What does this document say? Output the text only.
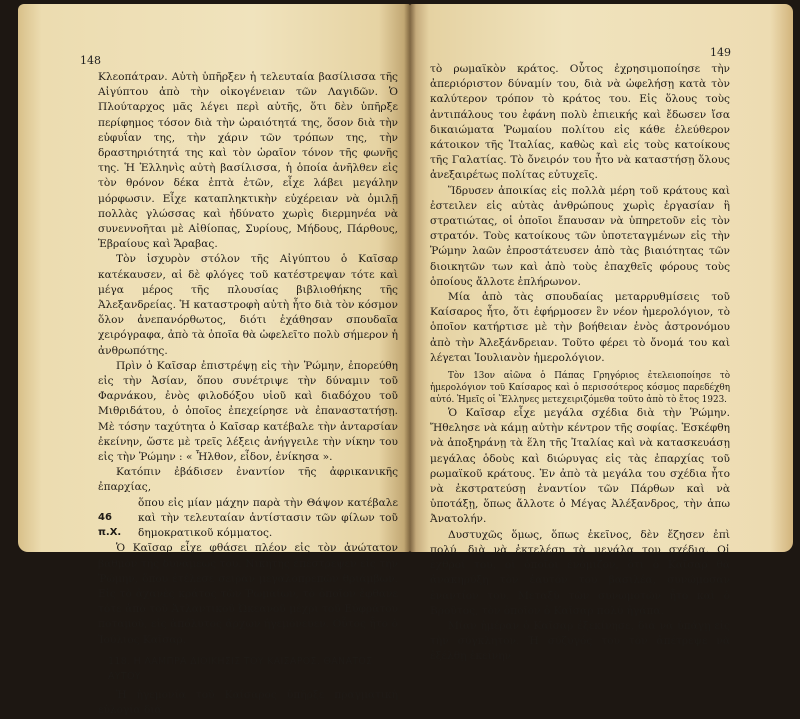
148

Κλεοπάτραν. Αὐτὴ ὑπῆρξεν ἡ τελευταία βασίλισσα τῆς Αἰγύπτου ἀπὸ τὴν οἰκογένειαν τῶν Λαγιδῶν. Ὁ Πλούταρχος μᾶς λέγει περὶ αὐτῆς, ὅτι δὲν ὑπῆρξε περίφημος τόσον διὰ τὴν ὡραιότητά της, ὅσον διὰ τὴν εὐφυΐαν της, τὴν χάριν τῶν τρόπων της, τὴν δραστηριότητά της καὶ τὸν ὡραῖον τόνον τῆς φωνῆς της. Ἡ Ἑλληνὶς αὐτὴ βασίλισσα, ἡ ὁποία ἀνῆλθεν εἰς τὸν θρόνον δέκα ἑπτὰ ἐτῶν, εἶχε λάβει μεγάλην μόρφωσιν. Εἶχε καταπληκτικὴν εὐχέρειαν νὰ ὁμιλῇ πολλὰς γλώσσας καὶ ἠδύνατο χωρὶς διερμηνέα νὰ συνεννοῆται μὲ Αἰθίοπας, Συρίους, Μήδους, Πάρθους, Ἑβραίους καὶ Ἄραβας.

Τὸν ἰσχυρὸν στόλον τῆς Αἰγύπτου ὁ Καῖσαρ κατέκαυσεν, αἱ δὲ φλόγες τοῦ κατέστρεψαν τότε καὶ μέγα μέρος τῆς πλουσίας βιβλιοθήκης τῆς Ἀλεξανδρείας. Ἡ καταστροφὴ αὐτὴ ἦτο διὰ τὸν κόσμον ὅλον ἀνεπανόρθωτος, διότι ἐχάθησαν σπουδαῖα χειρόγραφα, ἀπὸ τὰ ὁποῖα θὰ ὠφελεῖτο πολὺ σήμερον ἡ ἀνθρωπότης.

Πρὶν ὁ Καῖσαρ ἐπιστρέψῃ εἰς τὴν Ῥώμην, ἐπορεύθη εἰς τὴν Ἀσίαν, ὅπου συνέτριψε τὴν δύναμιν τοῦ Φαρνάκου, ἐνὸς φιλοδόξου υἱοῦ καὶ διαδόχου τοῦ Μιθριδάτου, ὁ ὁποῖος ἐπεχείρησε νὰ ἐπαναστατήσῃ. Μὲ τόσην ταχύτητα ὁ Καῖσαρ κατέβαλε τὴν ἀνταρσίαν ἐκείνην, ὥστε μὲ τρεῖς λέξεις ἀνήγγειλε τὴν νίκην του εἰς τὴν Ῥώμην : « Ἦλθον, εἶδον, ἐνίκησα ».

Κατόπιν ἐβάδισεν ἐναντίον τῆς ἀφρικανικῆς ἐπαρχίας,

46 π.Χ.

ὅπου εἰς μίαν μάχην παρὰ τὴν Θάψον κατέβαλε καὶ τὴν τελευταίαν ἀντίστασιν τῶν φίλων τοῦ δημοκρατικοῦ κόμματος.

Ὁ Καῖσαρ εἶχε φθάσει πλέον εἰς τὸν ἀνώτατον βαθμὸν τῆς δυνάμεώς του. Νικητὴς ἐπέστρεψεν εἰς τὴν Ῥώμην, ὅπου ἐτέλεσε σειρὰν μεγαλοπρεπῶν θριάμβων. Εἰς τὸ ἀχανὲς κράτος τῶν Ῥωμαίων, τὸ ὁποῖον ἔφθανε τότε ἀπὸ τοῦ Ἀτλαντικοῦ Ὠκεανοῦ μέχρι τοῦ Εὐφράτου ποταμοῦ, εἰς ἀπόλυτος ἄρχων ἡγεμόνευεν. Οὗτος ἦτο ὁ Ἰούλιος Καῖσαρ.

118. Η ΛΑΜΠΡΑ ΔΙΟΙΚΗΣΙΣ ΤΟΥ ΚΑΙΣΑΡΟΣ. ΘΑΝΑΤΟΣ ΑΥΤΟΥ

Ἡ ἡγεμονία τοῦ Καίσαρος ὑπῆρξε πραγματικὴ εὐλογία διὰ

149

τὸ ρωμαϊκὸν κράτος. Οὗτος ἐχρησιμοποίησε τὴν ἀπεριόριστον δύναμίν του, διὰ νὰ ὠφελήσῃ κατὰ τὸν καλύτερον τρόπον τὸ κράτος του. Εἰς ὅλους τοὺς ἀντιπάλους του ἐφάνη πολὺ ἐπιεικής καὶ ἔδωσεν ἴσα δικαιώματα Ῥωμαίου πολίτου εἰς κάθε ἐλεύθερον κάτοικον τῆς Ἰταλίας, καθὼς καὶ εἰς τοὺς κατοίκους τῆς Γαλατίας. Τὸ ὄνειρόν του ἦτο νὰ καταστήσῃ ὅλους ἀνεξαιρέτως πολίτας εὐτυχεῖς.

Ἵδρυσεν ἀποικίας εἰς πολλὰ μέρη τοῦ κράτους καὶ ἐστειλεν εἰς αὐτὰς ἀνθρώπους χωρὶς ἐργασίαν ἢ στρατιώτας, οἱ ὁποῖοι ἔπαυσαν νὰ ὑπηρετοῦν εἰς τὸν στρατόν. Τοὺς κατοίκους τῶν ὑποτεταγμένων εἰς τὴν Ῥώμην λαῶν ἐπροστάτευσεν ἀπὸ τὰς βιαιότητας τῶν διοικητῶν των καὶ ἀπὸ τοὺς ἐπαχθεῖς φόρους τοὺς ὁποίους ἄλλοτε ἐπλήρωνον.

Μία ἀπὸ τὰς σπουδαίας μεταρρυθμίσεις τοῦ Καίσαρος ἦτο, ὅτι ἐφήρμοσεν ἓν νέον ἡμερολόγιον, τὸ ὁποῖον κατήρτισε μὲ τὴν βοήθειαν ἑνὸς ἀστρονόμου ἀπὸ τὴν Ἀλεξάνδρειαν. Τοῦτο φέρει τὸ ὄνομά του καὶ λέγεται Ἰουλιανὸν ἡμερολόγιον.

Τὸν 13ον αἰῶνα ὁ Πάπας Γρηγόριος ἐτελειοποίησε τὸ ἡμερολόγιον τοῦ Καίσαρος καὶ ὁ περισσότερος κόσμος παρεδέχθη αὐτό. Ἡμεῖς οἱ Ἕλληνες μετεχειριζόμεθα τοῦτο ἀπὸ τὸ ἔτος 1923.

Ὁ Καῖσαρ εἶχε μεγάλα σχέδια διὰ τὴν Ῥώμην. Ἤθελησε νὰ κάμῃ αὐτὴν κέντρον τῆς σοφίας. Ἐσκέφθη νὰ ἀποξηράνῃ τὰ ἕλη τῆς Ἰταλίας καὶ νὰ κατασκευάσῃ μεγάλας ὁδοὺς καὶ διώρυγας εἰς τὰς ἐπαρχίας τοῦ ρωμαϊκοῦ κράτους. Ἐν ἀπὸ τὰ μεγάλα του σχέδια ἦτο νὰ ἐκστρατεύσῃ ἐναντίον τῶν Πάρθων καὶ νὰ ὑποτάξῃ, ὅπως ἄλλοτε ὁ Μέγας Ἀλέξανδρος, τὴν ἀπω Ἀνατολήν.

Δυστυχῶς ὅμως, ὅπως ἐκεῖνος, δὲν ἔζησεν ἐπὶ πολύ, διὰ νὰ ἐκτελέσῃ τὰ μεγάλα του σχέδια. Οἱ ἐχθροί του, οἱ ὁποῖοι ἐνόμιζον, ὅτι ὁ Καῖσαρ θὰ ἀνακηρύξῃ τὸν ἑαυτόν του βασιλέα, συνώμοσαν ἐναντίον του. Μεταξὺ τῶν συνωμοτῶν ἦτο καὶ ὁ Βροῦτος, τὸν ὁποῖον ὁ Καῖσαρ πολὺ ἠγάπα.

Μίαν ἡμέραν ὁ Καῖσαρ ἐξεκίνησε, διὰ νὰ ὑπάγῃ εἰς τὴν σύγκλητον. Ἡ σύζυγός του τὸν ἀπέτρεψε νὰ ἐξέλθῃ ἐκείνην
